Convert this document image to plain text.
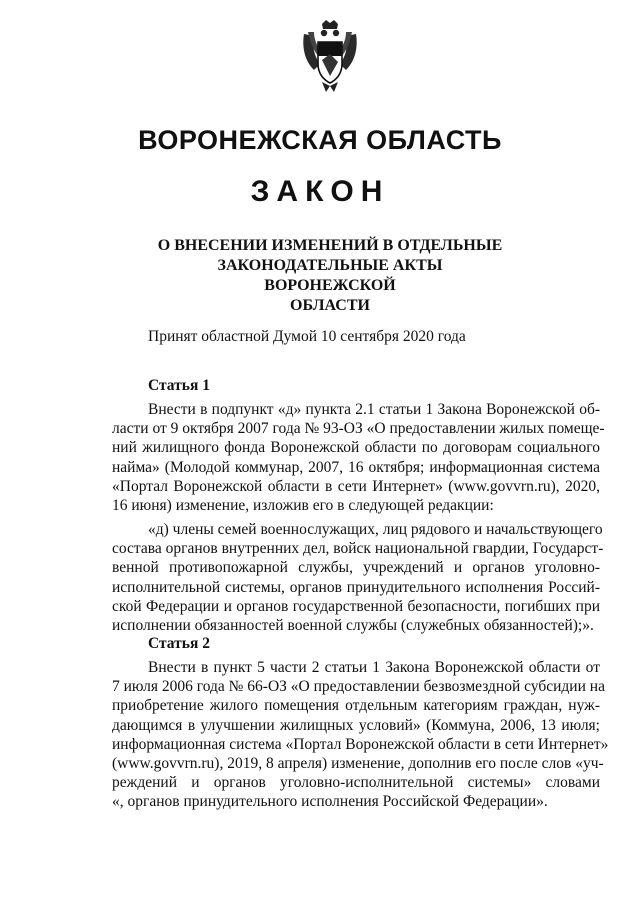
ВОРОНЕЖСКАЯ ОБЛАСТЬ
ЗАКОН
О ВНЕСЕНИИ ИЗМЕНЕНИЙ В ОТДЕЛЬНЫЕ
ЗАКОНОДАТЕЛЬНЫЕ АКТЫ ВОРОНЕЖСКОЙ
ОБЛАСТИ
Принят областной Думой 10 сентября 2020 года
Статья 1
Внести в подпункт «д» пункта 2.1 статьи 1 Закона Воронежской об-
ласти от 9 октября 2007 года № 93-ОЗ «О предоставлении жилых помеще-
ний жилищного фонда Воронежской области по договорам социального
найма» (Молодой коммунар, 2007, 16 октября; информационная система
«Портал Воронежской области в сети Интернет» (www.govvrn.ru), 2020,
16 июня) изменение, изложив его в следующей редакции:
«д) члены семей военнослужащих, лиц рядового и начальствующего
состава органов внутренних дел, войск национальной гвардии, Государст-
венной противопожарной службы, учреждений и органов уголовно-
исполнительной системы, органов принудительного исполнения Россий-
ской Федерации и органов государственной безопасности, погибших при
исполнении обязанностей военной службы (служебных обязанностей);».
Статья 2
Внести в пункт 5 части 2 статьи 1 Закона Воронежской области от
7 июля 2006 года № 66-ОЗ «О предоставлении безвозмездной субсидии на
приобретение жилого помещения отдельным категориям граждан, нуж-
дающимся в улучшении жилищных условий» (Коммуна, 2006, 13 июля;
информационная система «Портал Воронежской области в сети Интернет»
(www.govvrn.ru), 2019, 8 апреля) изменение, дополнив его после слов «уч-
реждений и органов уголовно-исполнительной системы» словами
«, органов принудительного исполнения Российской Федерации».
